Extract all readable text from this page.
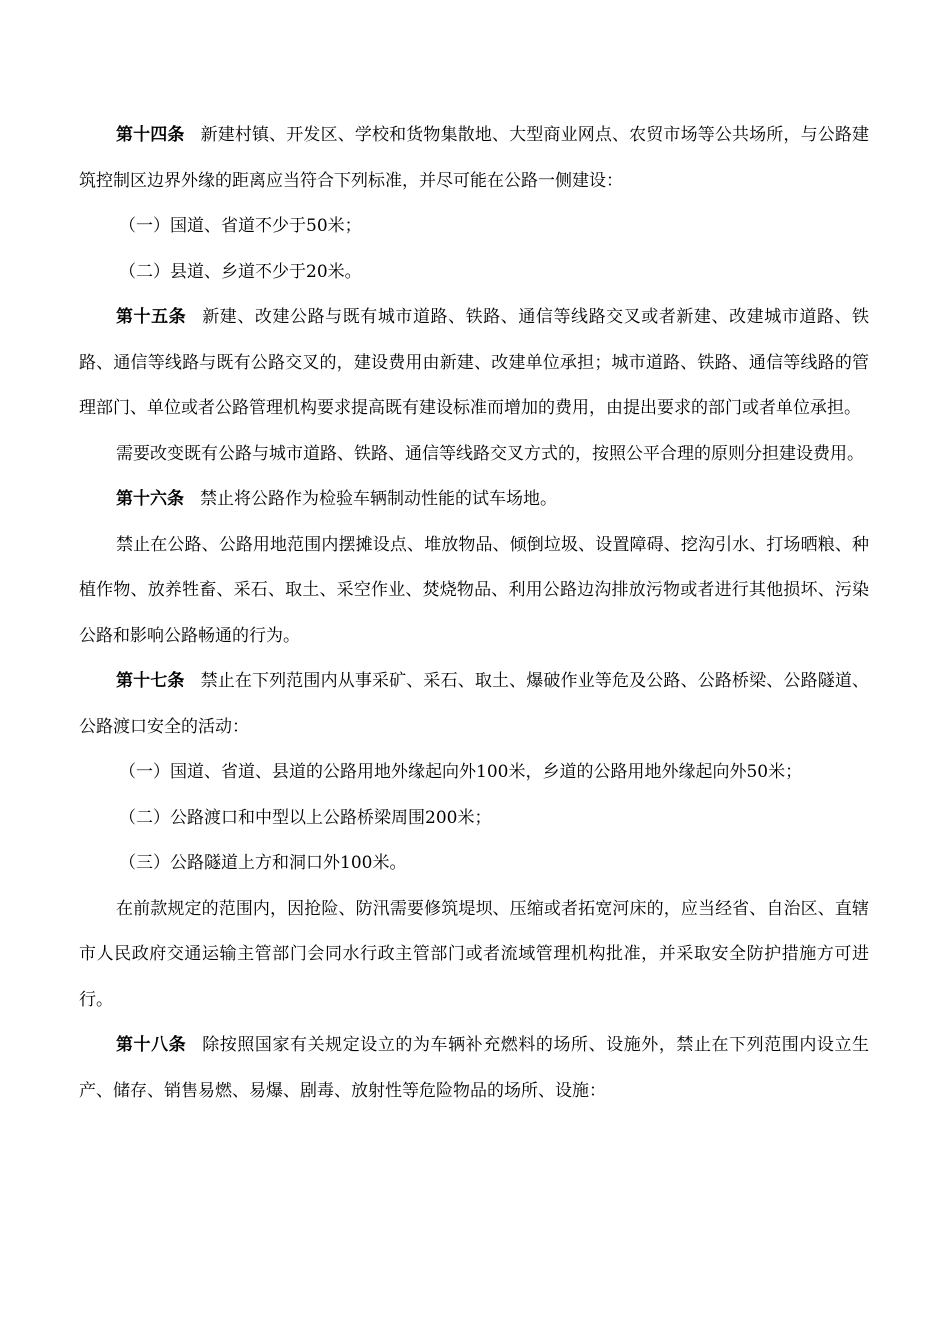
第十四条 新建村镇、开发区、学校和货物集散地、大型商业网点、农贸市场等公共场所，与公路建筑控制区边界外缘的距离应当符合下列标准，并尽可能在公路一侧建设：

（一）国道、省道不少于50米；

（二）县道、乡道不少于20米。

第十五条 新建、改建公路与既有城市道路、铁路、通信等线路交叉或者新建、改建城市道路、铁路、通信等线路与既有公路交叉的，建设费用由新建、改建单位承担；城市道路、铁路、通信等线路的管理部门、单位或者公路管理机构要求提高既有建设标准而增加的费用，由提出要求的部门或者单位承担。

需要改变既有公路与城市道路、铁路、通信等线路交叉方式的，按照公平合理的原则分担建设费用。

第十六条 禁止将公路作为检验车辆制动性能的试车场地。

禁止在公路、公路用地范围内摆摊设点、堆放物品、倾倒垃圾、设置障碍、挖沟引水、打场晒粮、种植作物、放养牲畜、采石、取土、采空作业、焚烧物品、利用公路边沟排放污物或者进行其他损坏、污染公路和影响公路畅通的行为。

第十七条 禁止在下列范围内从事采矿、采石、取土、爆破作业等危及公路、公路桥梁、公路隧道、公路渡口安全的活动：

（一）国道、省道、县道的公路用地外缘起向外100米，乡道的公路用地外缘起向外50米；

（二）公路渡口和中型以上公路桥梁周围200米；

（三）公路隧道上方和洞口外100米。

在前款规定的范围内，因抢险、防汛需要修筑堤坝、压缩或者拓宽河床的，应当经省、自治区、直辖市人民政府交通运输主管部门会同水行政主管部门或者流域管理机构批准，并采取安全防护措施方可进行。

第十八条 除按照国家有关规定设立的为车辆补充燃料的场所、设施外，禁止在下列范围内设立生产、储存、销售易燃、易爆、剧毒、放射性等危险物品的场所、设施：
